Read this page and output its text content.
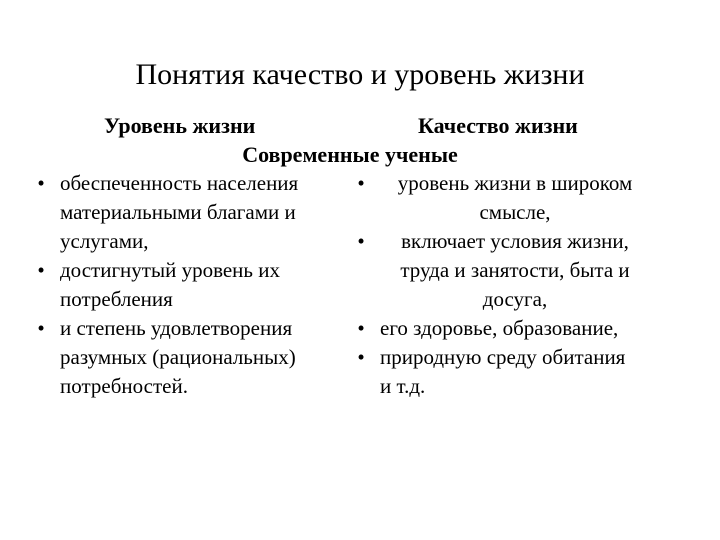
Понятия качество и уровень жизни
Уровень жизни	Качество жизни
Современные ученые
• обеспеченность населения
материальными благами и
услугами,
• достигнутый уровень их
потребления
• и степень удовлетворения
разумных (рациональных)
потребностей.
•	уровень жизни в широком
смысле,
•	включает условия жизни,
труда и занятости, быта и
досуга,
• его здоровье, образование,
• природную среду обитания
и т.д.
